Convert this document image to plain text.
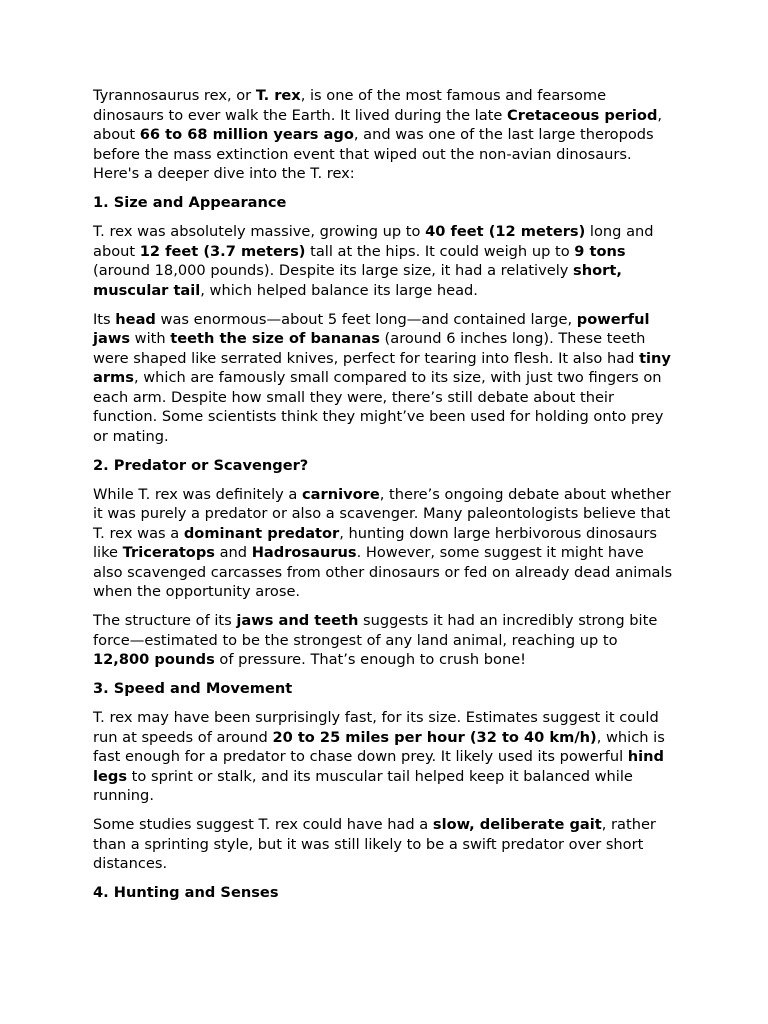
Tyrannosaurus rex, or T. rex, is one of the most famous and fearsome dinosaurs to ever walk the Earth. It lived during the late Cretaceous period, about 66 to 68 million years ago, and was one of the last large theropods before the mass extinction event that wiped out the non-avian dinosaurs. Here's a deeper dive into the T. rex:

1. Size and Appearance

T. rex was absolutely massive, growing up to 40 feet (12 meters) long and about 12 feet (3.7 meters) tall at the hips. It could weigh up to 9 tons (around 18,000 pounds). Despite its large size, it had a relatively short, muscular tail, which helped balance its large head.

Its head was enormous—about 5 feet long—and contained large, powerful jaws with teeth the size of bananas (around 6 inches long). These teeth were shaped like serrated knives, perfect for tearing into flesh. It also had tiny arms, which are famously small compared to its size, with just two fingers on each arm. Despite how small they were, there’s still debate about their function. Some scientists think they might’ve been used for holding onto prey or mating.

2. Predator or Scavenger?

While T. rex was definitely a carnivore, there’s ongoing debate about whether it was purely a predator or also a scavenger. Many paleontologists believe that T. rex was a dominant predator, hunting down large herbivorous dinosaurs like Triceratops and Hadrosaurus. However, some suggest it might have also scavenged carcasses from other dinosaurs or fed on already dead animals when the opportunity arose.

The structure of its jaws and teeth suggests it had an incredibly strong bite force—estimated to be the strongest of any land animal, reaching up to 12,800 pounds of pressure. That’s enough to crush bone!

3. Speed and Movement

T. rex may have been surprisingly fast, for its size. Estimates suggest it could run at speeds of around 20 to 25 miles per hour (32 to 40 km/h), which is fast enough for a predator to chase down prey. It likely used its powerful hind legs to sprint or stalk, and its muscular tail helped keep it balanced while running.

Some studies suggest T. rex could have had a slow, deliberate gait, rather than a sprinting style, but it was still likely to be a swift predator over short distances.

4. Hunting and Senses
